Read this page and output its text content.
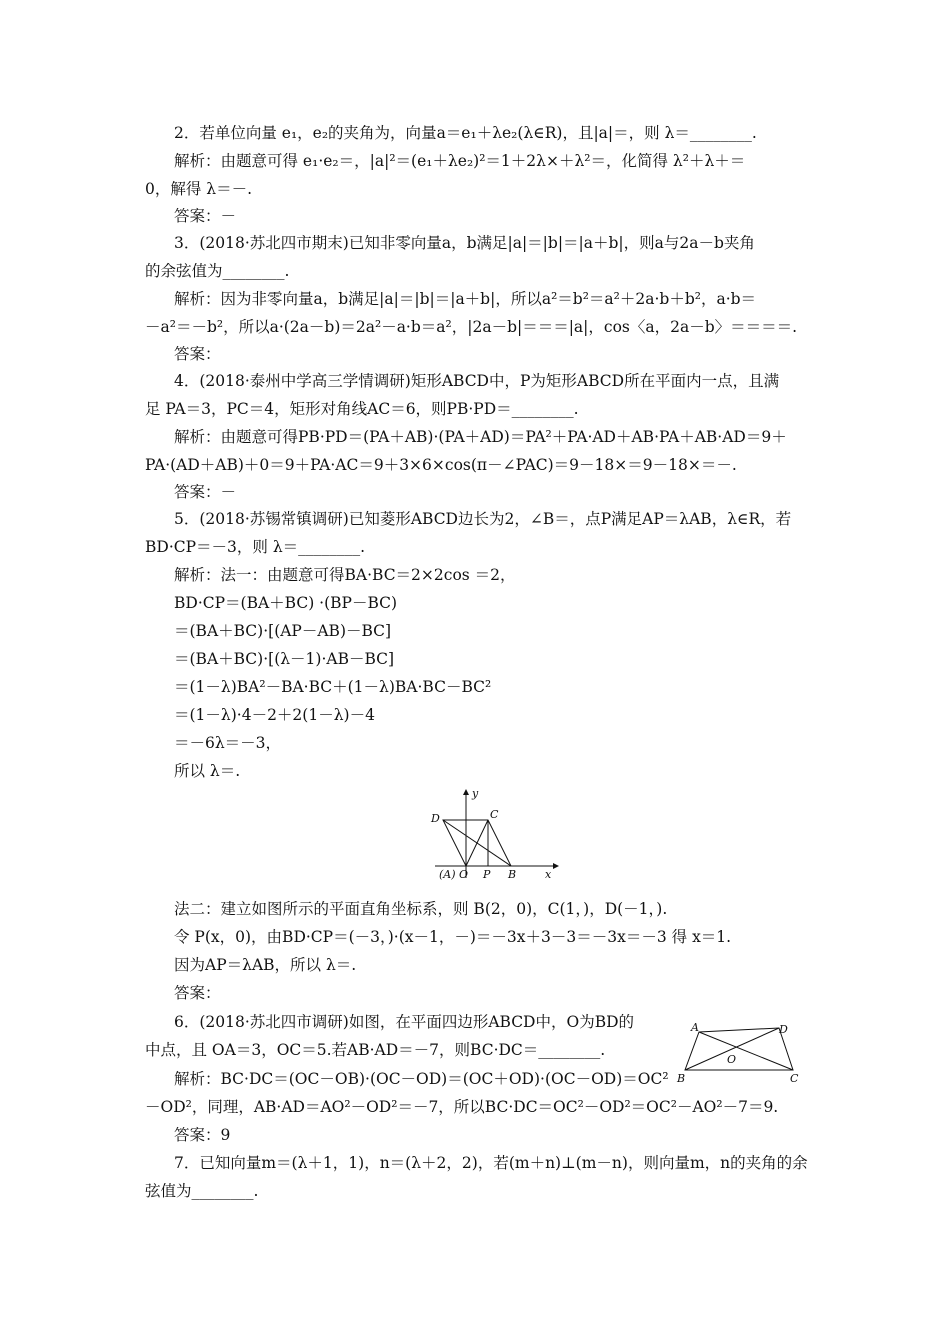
2．若单位向量 e₁，e₂的夹角为，向量a＝e₁＋λe₂(λ∈R)，且|a|＝，则 λ＝________.
解析：由题意可得 e₁·e₂＝，|a|²＝(e₁＋λe₂)²＝1＋2λ×＋λ²＝，化简得 λ²＋λ＋＝
0，解得 λ＝－.
答案：－
3．(2018·苏北四市期末)已知非零向量a，b满足|a|＝|b|＝|a＋b|，则a与2a－b夹角
的余弦值为________.
解析：因为非零向量a，b满足|a|＝|b|＝|a＋b|，所以a²＝b²＝a²＋2a·b＋b²，a·b＝
－a²＝－b²，所以a·(2a－b)＝2a²－a·b＝a²，|2a－b|＝＝＝|a|，cos〈a，2a－b〉＝＝＝＝.
答案：
4．(2018·泰州中学高三学情调研)矩形ABCD中，P为矩形ABCD所在平面内一点，且满
足 PA＝3，PC＝4，矩形对角线AC＝6，则PB·PD＝________.
解析：由题意可得PB·PD＝(PA＋AB)·(PA＋AD)＝PA²＋PA·AD＋AB·PA＋AB·AD＝9＋
PA·(AD＋AB)＋0＝9＋PA·AC＝9＋3×6×cos(π－∠PAC)＝9－18×＝9－18×＝－.
答案：－
5．(2018·苏锡常镇调研)已知菱形ABCD边长为2，∠B＝，点P满足AP＝λAB，λ∈R，若
BD·CP＝－3，则 λ＝________.
解析：法一：由题意可得BA·BC＝2×2cos ＝2，
BD·CP＝(BA＋BC) ·(BP－BC)
＝(BA＋BC)·[(AP－AB)－BC]
＝(BA＋BC)·[(λ－1)·AB－BC]
＝(1－λ)BA²－BA·BC＋(1－λ)BA·BC－BC²
＝(1－λ)·4－2＋2(1－λ)－4
＝－6λ＝－3，
所以 λ＝.
y
x
D	C
(A) O P B
法二：建立如图所示的平面直角坐标系，则 B(2，0)，C(1，)，D(－1，).
令 P(x，0)，由BD·CP＝(－3，)·(x－1，－)＝－3x＋3－3＝－3x＝－3 得 x＝1.
因为AP＝λAB，所以 λ＝.
答案：
6．(2018·苏北四市调研)如图，在平面四边形ABCD中，O为BD的
中点，且 OA＝3，OC＝5.若AB·AD＝－7，则BC·DC＝________.
A	D
O
B	C
解析：BC·DC＝(OC－OB)·(OC－OD)＝(OC＋OD)·(OC－OD)＝OC²
－OD²，同理，AB·AD＝AO²－OD²＝－7，所以BC·DC＝OC²－OD²＝OC²－AO²－7＝9.
答案：9
7．已知向量m＝(λ＋1，1)，n＝(λ＋2，2)，若(m＋n)⊥(m－n)，则向量m，n的夹角的余
弦值为________.
